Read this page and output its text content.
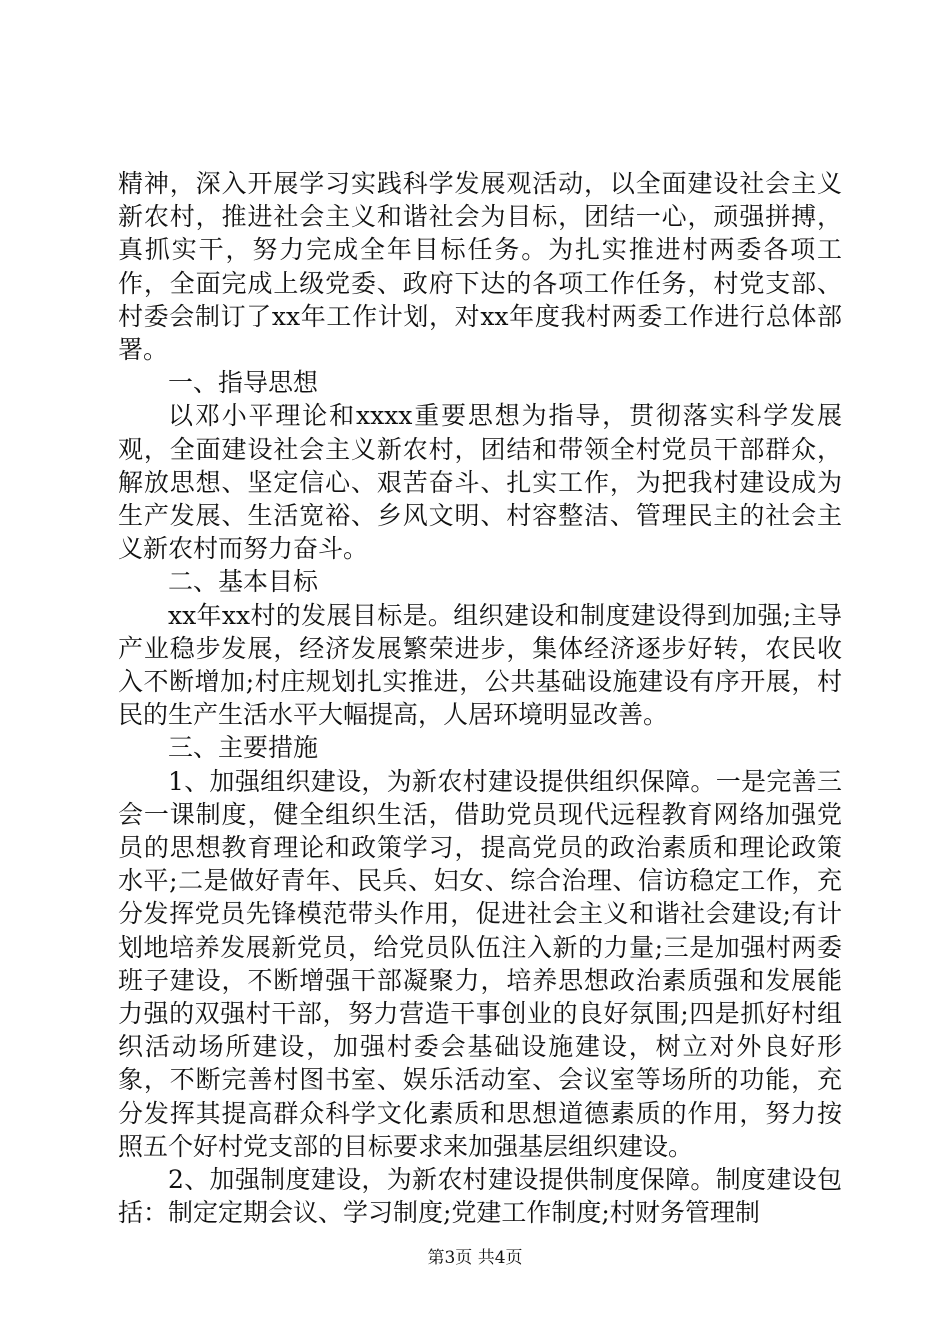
精神，深入开展学习实践科学发展观活动，以全面建设社会主义新农村，推进社会主义和谐社会为目标，团结一心，顽强拼搏，真抓实干，努力完成全年目标任务。为扎实推进村两委各项工作，全面完成上级党委、政府下达的各项工作任务，村党支部、村委会制订了xx年工作计划，对xx年度我村两委工作进行总体部署。

一、指导思想

以邓小平理论和xxxx重要思想为指导，贯彻落实科学发展观，全面建设社会主义新农村，团结和带领全村党员干部群众，解放思想、坚定信心、艰苦奋斗、扎实工作，为把我村建设成为生产发展、生活宽裕、乡风文明、村容整洁、管理民主的社会主义新农村而努力奋斗。

二、基本目标

xx年xx村的发展目标是。组织建设和制度建设得到加强;主导产业稳步发展，经济发展繁荣进步，集体经济逐步好转，农民收入不断增加;村庄规划扎实推进，公共基础设施建设有序开展，村民的生产生活水平大幅提高，人居环境明显改善。

三、主要措施

1、加强组织建设，为新农村建设提供组织保障。一是完善三会一课制度，健全组织生活，借助党员现代远程教育网络加强党员的思想教育理论和政策学习，提高党员的政治素质和理论政策水平;二是做好青年、民兵、妇女、综合治理、信访稳定工作，充分发挥党员先锋模范带头作用，促进社会主义和谐社会建设;有计划地培养发展新党员，给党员队伍注入新的力量;三是加强村两委班子建设，不断增强干部凝聚力，培养思想政治素质强和发展能力强的双强村干部，努力营造干事创业的良好氛围;四是抓好村组织活动场所建设，加强村委会基础设施建设，树立对外良好形象，不断完善村图书室、娱乐活动室、会议室等场所的功能，充分发挥其提高群众科学文化素质和思想道德素质的作用，努力按照五个好村党支部的目标要求来加强基层组织建设。

2、加强制度建设，为新农村建设提供制度保障。制度建设包括：制定定期会议、学习制度;党建工作制度;村财务管理制

第3页 共4页
